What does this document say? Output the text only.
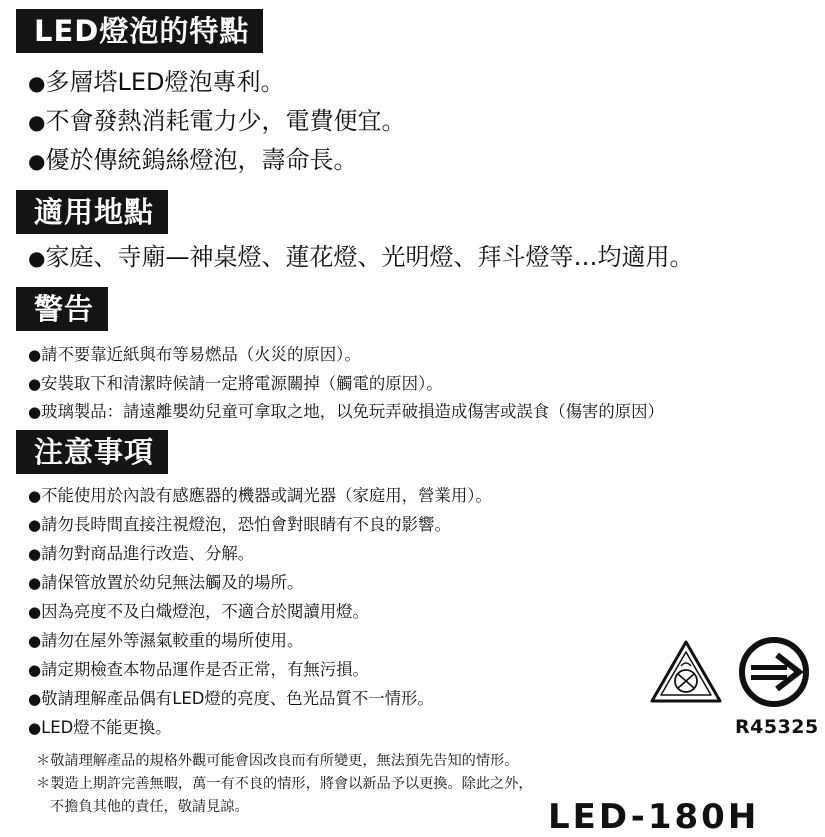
LED燈泡的特點
●多層塔LED燈泡專利。
●不會發熱消耗電力少，電費便宜。
●優於傳統鎢絲燈泡，壽命長。
適用地點
●家庭、寺廟—神桌燈、蓮花燈、光明燈、拜斗燈等…均適用。
警告
●請不要靠近紙與布等易燃品（火災的原因）。
●安裝取下和清潔時候請一定將電源關掉（觸電的原因）。
●玻璃製品：請遠離嬰幼兒童可拿取之地，以免玩弄破損造成傷害或誤食（傷害的原因）
注意事項
●不能使用於內設有感應器的機器或調光器（家庭用，營業用）。
●請勿長時間直接注視燈泡，恐怕會對眼睛有不良的影響。
●請勿對商品進行改造、分解。
●請保管放置於幼兒無法觸及的場所。
●因為亮度不及白熾燈泡，不適合於閱讀用燈。
●請勿在屋外等濕氣較重的場所使用。
●請定期檢查本物品運作是否正常，有無污損。
●敬請理解產品偶有LED燈的亮度、色光品質不一情形。
●LED燈不能更換。
＊敬請理解產品的規格外觀可能會因改良而有所變更，無法預先告知的情形。
＊製造上期許完善無暇，萬一有不良的情形，將會以新品予以更換。除此之外，
不擔負其他的責任，敬請見諒。
R45325
LED-180H
